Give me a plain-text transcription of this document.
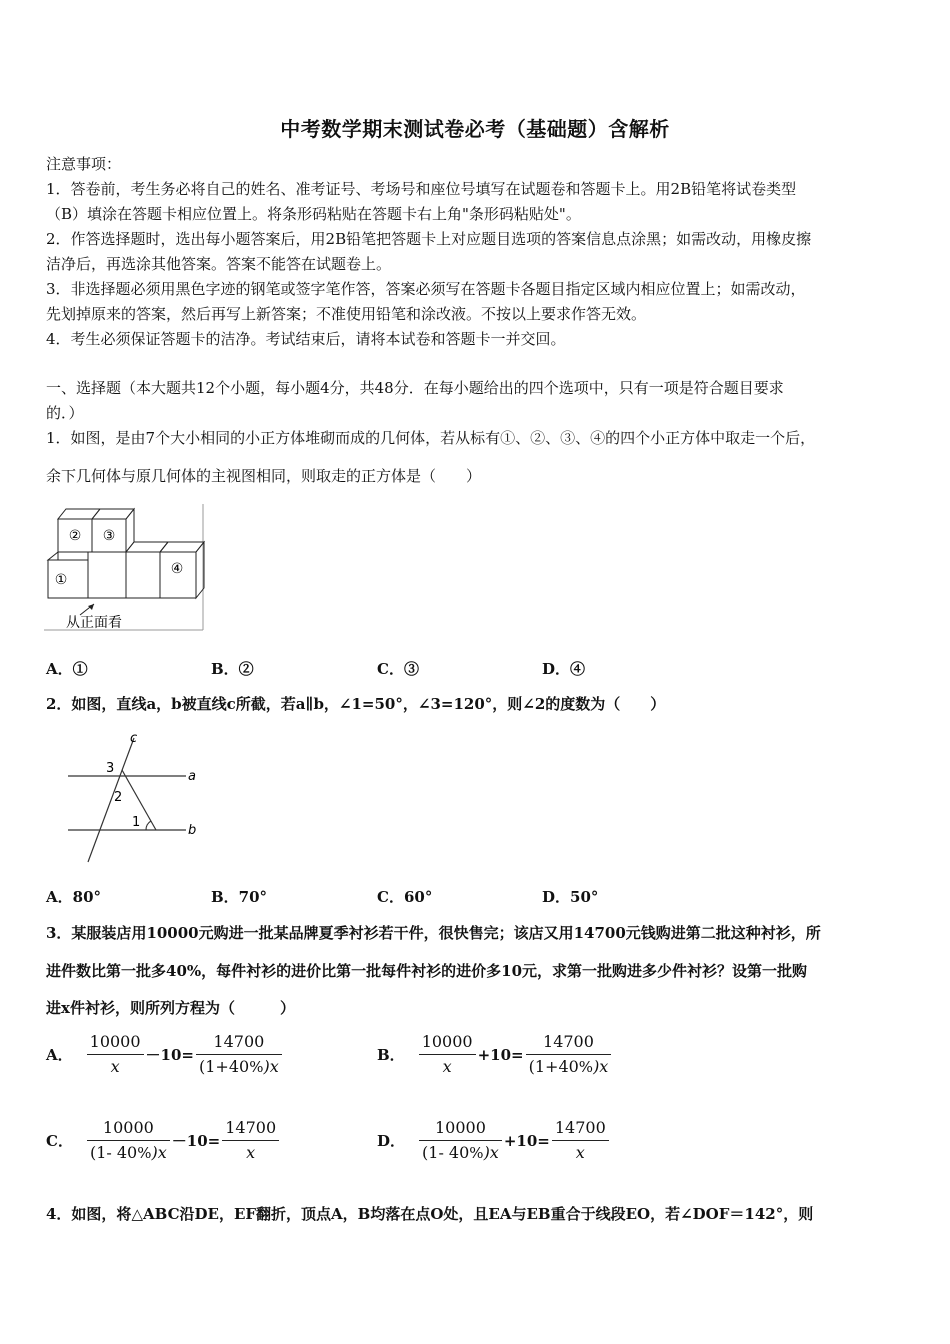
中考数学期末测试卷必考（基础题）含解析
注意事项：
1．答卷前，考生务必将自己的姓名、准考证号、考场号和座位号填写在试题卷和答题卡上。用2B铅笔将试卷类型
（B）填涂在答题卡相应位置上。将条形码粘贴在答题卡右上角"条形码粘贴处"。
2．作答选择题时，选出每小题答案后，用2B铅笔把答题卡上对应题目选项的答案信息点涂黑；如需改动，用橡皮擦
洁净后，再选涂其他答案。答案不能答在试题卷上。
3．非选择题必须用黑色字迹的钢笔或签字笔作答，答案必须写在答题卡各题目指定区域内相应位置上；如需改动，
先划掉原来的答案，然后再写上新答案；不准使用铅笔和涂改液。不按以上要求作答无效。
4．考生必须保证答题卡的洁净。考试结束后，请将本试卷和答题卡一并交回。
一、选择题（本大题共12个小题，每小题4分，共48分．在每小题给出的四个选项中，只有一项是符合题目要求
的．）
1．如图，是由7个大小相同的小正方体堆砌而成的几何体，若从标有①、②、③、④的四个小正方体中取走一个后，
余下几何体与原几何体的主视图相同，则取走的正方体是（　　）
② ③
①
④
从正面看
A．①	B．②	C．③	D．④
2．如图，直线a，b被直线c所截，若a∥b，∠1=50°，∠3=120°，则∠2的度数为（　　）
c
3
a
2
1
b
A．80°	B．70°	C．60°	D．50°
3．某服装店用10000元购进一批某品牌夏季衬衫若干件，很快售完；该店又用14700元钱购进第二批这种衬衫，所
进件数比第一批多40%，每件衬衫的进价比第一批每件衬衫的进价多10元，求第一批购进多少件衬衫？设第一批购
进x件衬衫，则所列方程为（　　　）
A． $\frac{10000}{x} -10= \frac{14700}{(1+40\%)x}$	B． $\frac{10000}{x} +10= \frac{14700}{(1+40\%)x}$
C． $\frac{10000}{(1- 40\%)x} -10= \frac{14700}{x}$	D． $\frac{10000}{(1- 40\%)x} +10= \frac{14700}{x}$
4．如图，将△ABC沿DE，EF翻折，顶点A，B均落在点O处，且EA与EB重合于线段EO，若∠DOF＝142°，则
